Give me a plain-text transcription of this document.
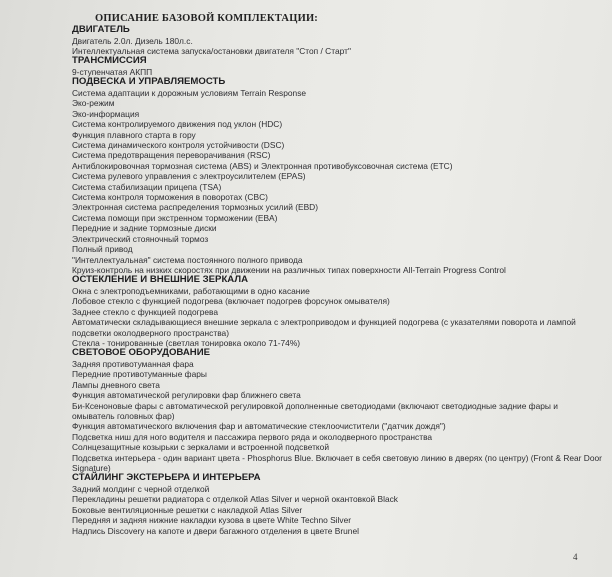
ОПИСАНИЕ БАЗОВОЙ КОМПЛЕКТАЦИИ:
ДВИГАТЕЛЬ
Двигатель 2.0л. Дизель 180л.с.
Интеллектуальная система запуска/остановки двигателя "Стоп / Старт"
ТРАНСМИССИЯ
9-ступенчатая АКПП
ПОДВЕСКА И УПРАВЛЯЕМОСТЬ
Система адаптации к дорожным условиям Terrain Response
Эко-режим
Эко-информация
Система контролируемого движения под уклон (HDC)
Функция плавного старта в гору
Система динамического контроля устойчивости (DSC)
Система предотвращения переворачивания (RSC)
Антиблокировочная тормозная система (ABS) и Электронная противобуксовочная система (ETC)
Система рулевого управления с электроусилителем (EPAS)
Система стабилизации прицепа (TSA)
Система контроля торможения в поворотах (CBC)
Электронная система распределения тормозных усилий (EBD)
Система помощи при экстренном торможении (EBA)
Передние и задние тормозные диски
Электрический стояночный тормоз
Полный привод
"Интеллектуальная" система постоянного полного привода
Круиз-контроль на низких скоростях при движении на различных типах поверхности All-Terrain Progress Control
ОСТЕКЛЕНИЕ И ВНЕШНИЕ ЗЕРКАЛА
Окна с электроподъемниками, работающими в одно касание
Лобовое стекло с функцией подогрева (включает подогрев форсунок омывателя)
Заднее стекло с функцией подогрева
Автоматически складывающиеся внешние зеркала с электроприводом и функцией подогрева (с указателями поворота и лампой подсветки околодверного пространства)
Стекла - тонированные (светлая тонировка около 71-74%)
СВЕТОВОЕ ОБОРУДОВАНИЕ
Задняя противотуманная фара
Передние противотуманные фары
Лампы дневного света
Функция автоматической регулировки фар ближнего света
Би-Ксеноновые фары с автоматической регулировкой дополненные светодиодами (включают светодиодные задние фары и омыватель головных фар)
Функция автоматического включения фар и автоматические стеклоочистители ("датчик дождя")
Подсветка ниш для ного водителя и пассажира первого ряда и околодверного пространства
Солнцезащитные козырьки с зеркалами и встроенной подсветкой
Подсветка интерьера - один вариант цвета - Phosphorus Blue. Включает в себя световую линию в дверях (по центру) (Front & Rear Door Signature)
СТАЙЛИНГ ЭКСТЕРЬЕРА И ИНТЕРЬЕРА
Задний молдинг с черной отделкой
Перекладины решетки радиатора с отделкой Atlas Silver и черной окантовкой Black
Боковые вентиляционные решетки с накладкой Atlas Silver
Передняя и задняя нижние накладки кузова в цвете White Techno Silver
Надпись Discovery на капоте и двери багажного отделения в цвете Brunel
4
